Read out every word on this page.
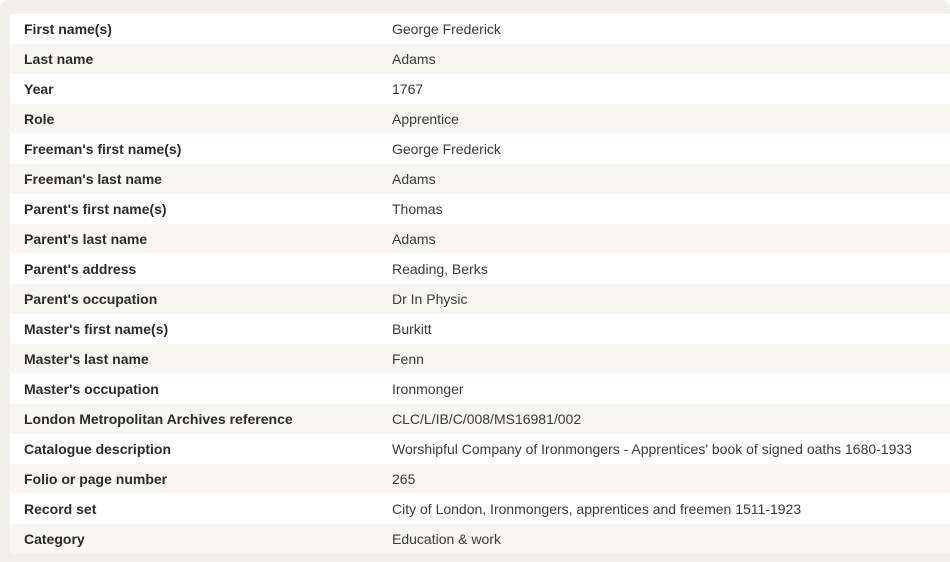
First name(s)	George Frederick
Last name	Adams
Year	1767
Role	Apprentice
Freeman's first name(s)	George Frederick
Freeman's last name	Adams
Parent's first name(s)	Thomas
Parent's last name	Adams
Parent's address	Reading, Berks
Parent's occupation	Dr In Physic
Master's first name(s)	Burkitt
Master's last name	Fenn
Master's occupation	Ironmonger
London Metropolitan Archives reference	CLC/L/IB/C/008/MS16981/002
Catalogue description	Worshipful Company of Ironmongers - Apprentices' book of signed oaths 1680-1933
Folio or page number	265
Record set	City of London, Ironmongers, apprentices and freemen 1511-1923
Category	Education & work
